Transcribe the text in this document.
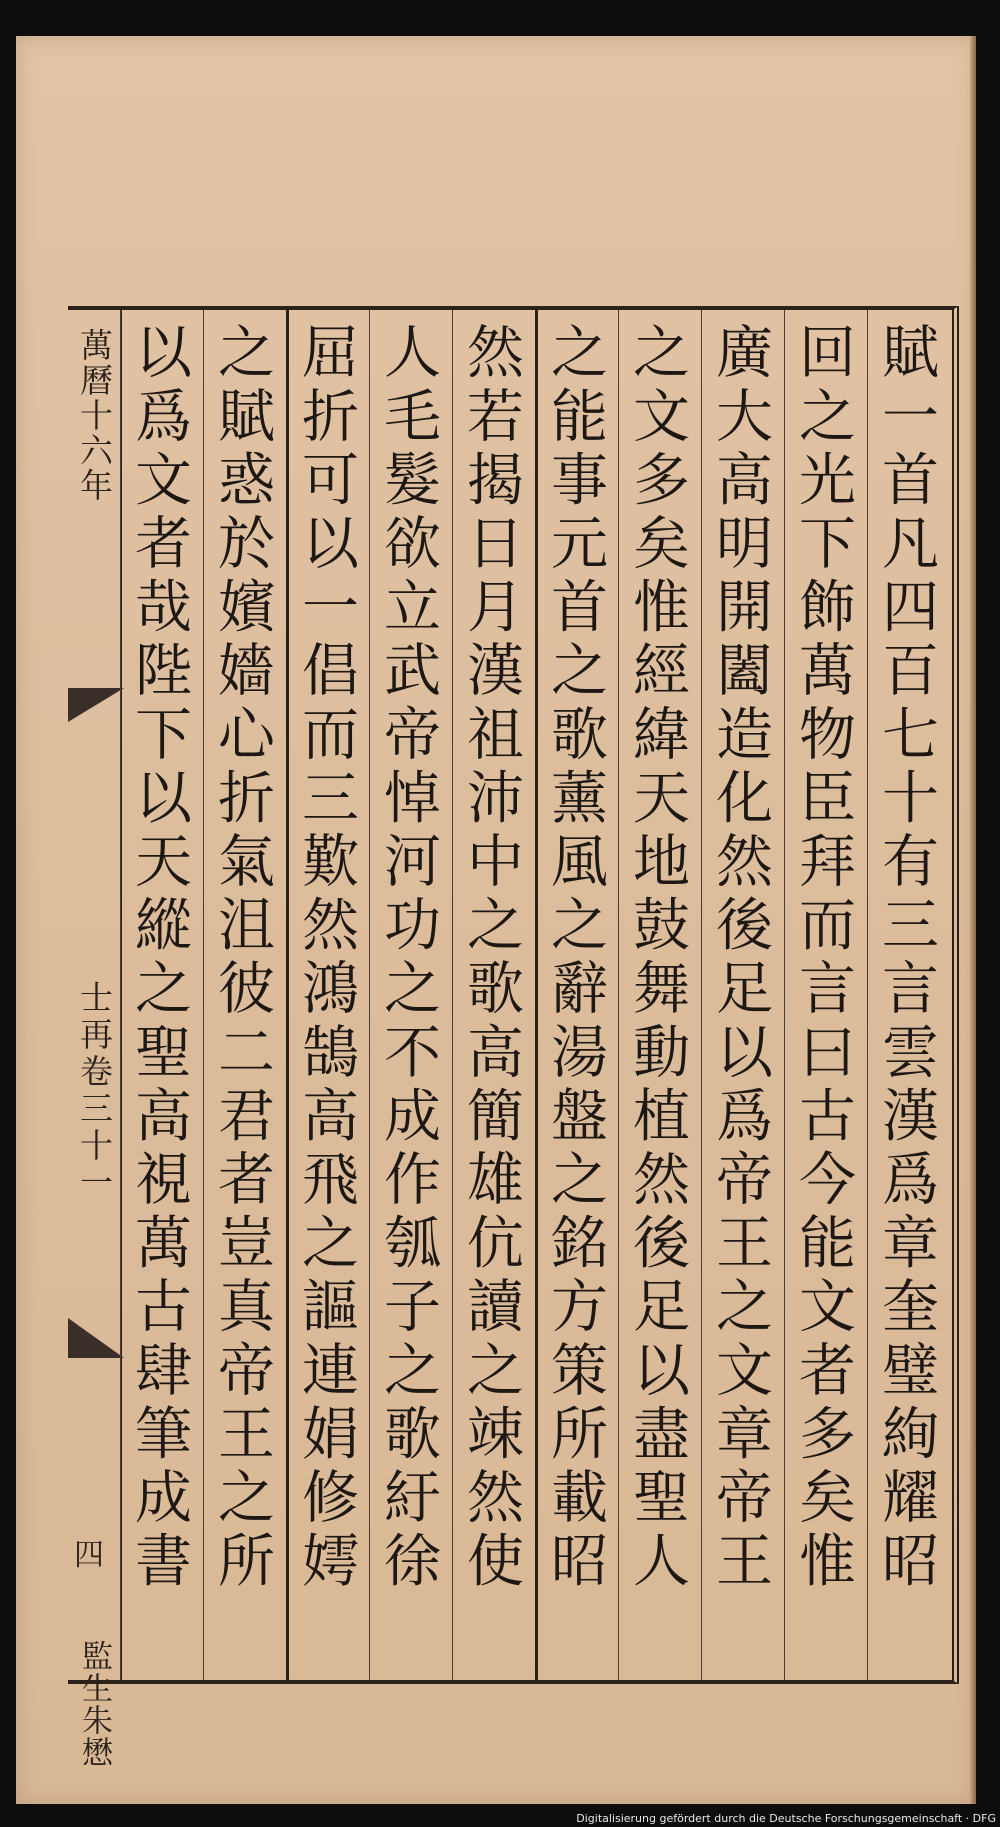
萬曆十六年
士再卷三十一
四
監生朱懋
以爲文者哉陛下以天縱之聖高視萬古肆筆成書 之賦惑於嬪嬙心折氣沮彼二君者豈真帝王之所 屈折可以一倡而三歎然鴻鵠高飛之謳連娟修嫮 人毛髮欲立武帝悼河功之不成作瓠子之歌紆徐 然若揭日月漢祖沛中之歌高簡雄伉讀之竦然使 之能事元首之歌薰風之辭湯盤之銘方策所載昭 之文多矣惟經緯天地鼓舞動植然後足以盡聖人 廣大高明開闔造化然後足以爲帝王之文章帝王 回之光下飾萬物臣拜而言曰古今能文者多矣惟 賦一首凡四百七十有三言雲漢爲章奎璧絢耀昭
Digitalisierung gefördert durch die Deutsche Forschungsgemeinschaft · DFG
